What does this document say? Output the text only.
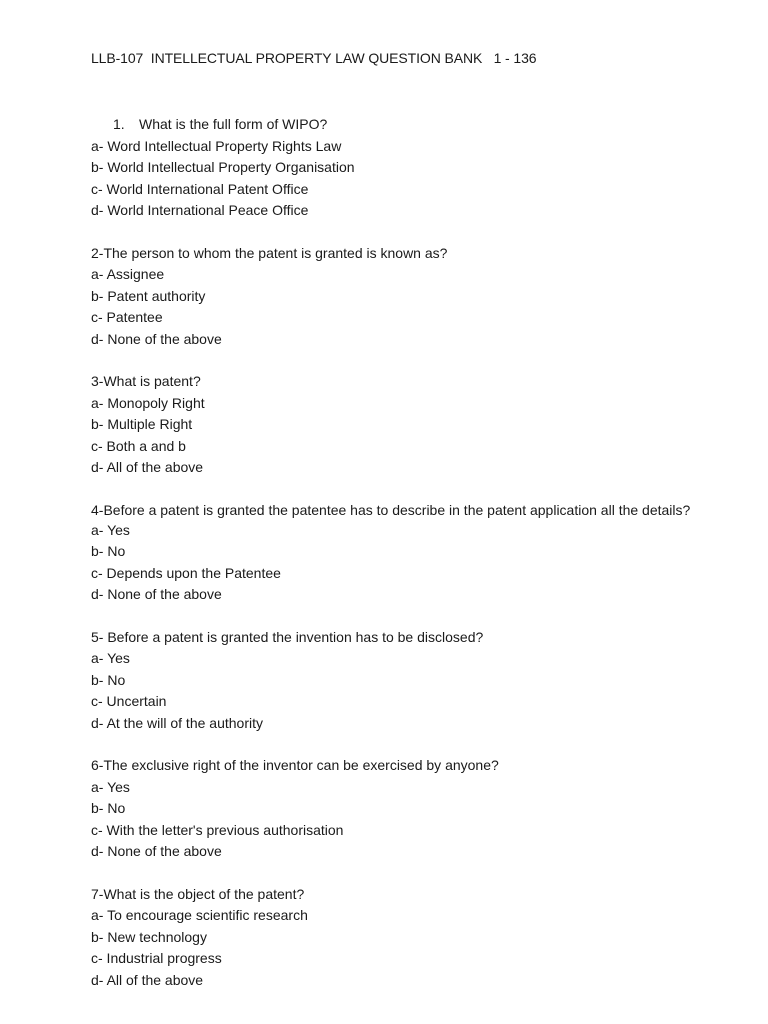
LLB-107  INTELLECTUAL PROPERTY LAW QUESTION BANK   1 - 136

1. What is the full form of WIPO?

a- Word Intellectual Property Rights Law

b- World Intellectual Property Organisation

c- World International Patent Office

d- World International Peace Office

2-The person to whom the patent is granted is known as?

a- Assignee

b- Patent authority

c- Patentee

d- None of the above

3-What is patent?

a- Monopoly Right

b- Multiple Right

c- Both a and b

d- All of the above

4-Before a patent is granted the patentee has to describe in the patent application all the details?

a- Yes

b- No

c- Depends upon the Patentee

d- None of the above

5- Before a patent is granted the invention has to be disclosed?

a- Yes

b- No

c- Uncertain

d- At the will of the authority

6-The exclusive right of the inventor can be exercised by anyone?

a- Yes

b- No

c- With the letter's previous authorisation

d- None of the above

7-What is the object of the patent?

a- To encourage scientific research

b- New technology

c- Industrial progress

d- All of the above
